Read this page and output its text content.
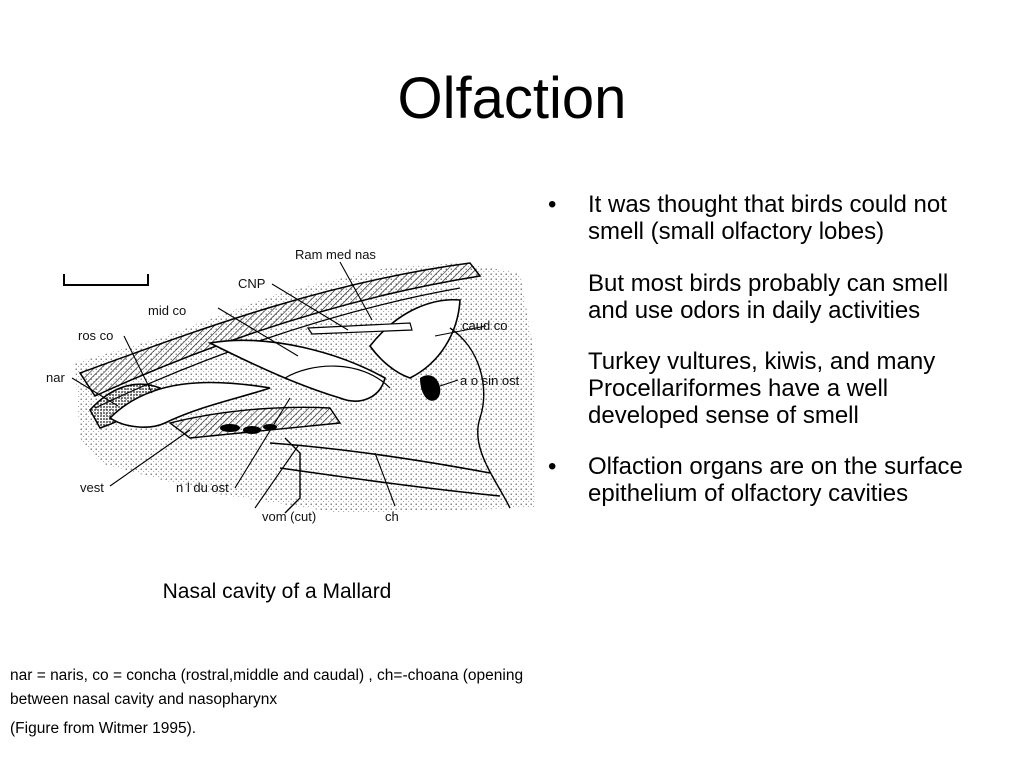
Olfaction
Ram med nas
CNP
mid co
caud co
ros co
nar	a o sin ost
vest	n l du ost
vom (cut)	ch
Nasal cavity of a Mallard
nar = naris, co = concha (rostral,middle and caudal) , ch=-choana (opening between nasal cavity and nasopharynx
(Figure from Witmer 1995).
• It was thought that birds could not smell (small olfactory lobes)
But most birds probably can smell and use odors in daily activities
Turkey vultures, kiwis, and many Procellariformes have a well developed sense of smell
• Olfaction organs are on the surface epithelium of olfactory cavities
